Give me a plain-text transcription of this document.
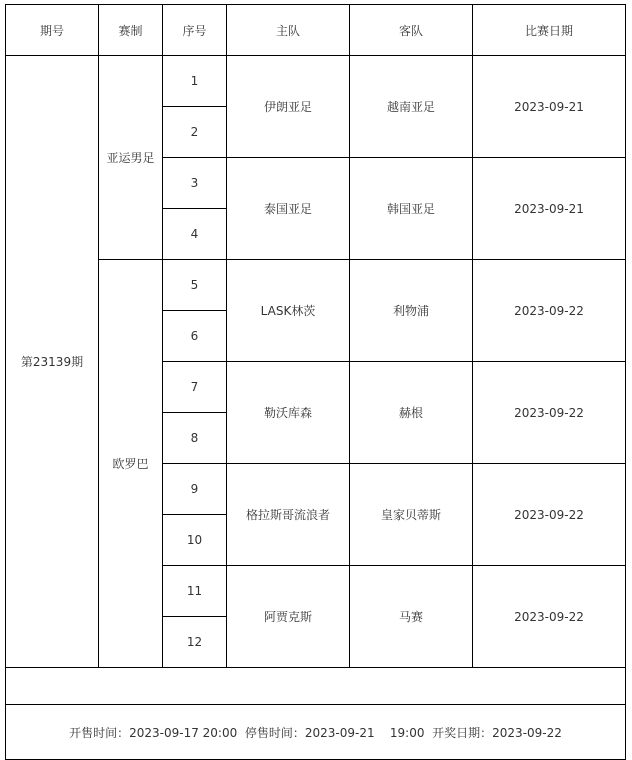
期号	赛制	序号	主队	客队	比赛日期
第23139期	亚运男足	1	伊朗亚足	越南亚足	2023-09-21
		2			
		3	泰国亚足	韩国亚足	2023-09-21
		4			
	欧罗巴	5	LASK林茨	利物浦	2023-09-22
		6			
		7	勒沃库森	赫根	2023-09-22
		8			
		9	格拉斯哥流浪者	皇家贝蒂斯	2023-09-22
		10			
		11	阿贾克斯	马赛	2023-09-22
		12			

开售时间：2023-09-17 20:00 停售时间：2023-09-21 19:00 开奖日期：2023-09-22					
